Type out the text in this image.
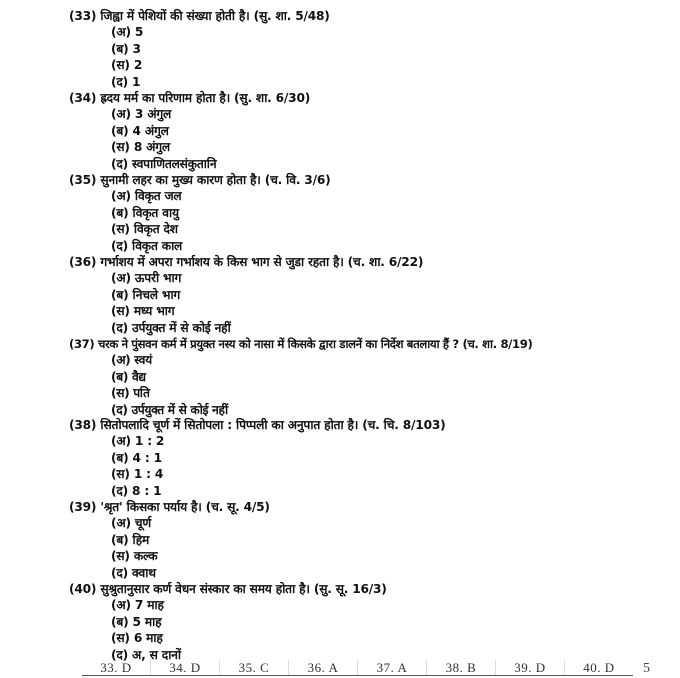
(33) जिह्वा में पेशियों की संख्या होती है। (सु. शा. 5/48)
(अ) 5
(ब) 3
(स) 2
(द) 1
(34) ह्रदय मर्म का परिणाम होता है। (सु. शा. 6/30)
(अ) 3 अंगुल
(ब) 4 अंगुल
(स) 8 अंगुल
(द) स्वपाणितलसंकुतानि
(35) सुनामी लहर का मुख्य कारण होता है। (च. वि. 3/6)
(अ) विकृत जल
(ब) विकृत वायु
(स) विकृत देश
(द) विकृत काल
(36) गर्भाशय में अपरा गर्भाशय के किस भाग से जुडा रहता है। (च. शा. 6/22)
(अ) ऊपरी भाग
(ब) निचले भाग
(स) मध्य भाग
(द) उर्पयुक्त में से कोई नहीं
(37) चरक ने पुंसवन कर्म में प्रयुक्त नस्य को नासा में किसके द्वारा डालनें का निर्देश बतलाया हैं ? (च. शा. 8/19)
(अ) स्वयं
(ब) वैद्य
(स) पति
(द) उर्पयुक्त में से कोई नहीं
(38) सितोपलादि चूर्ण में सितोपला : पिप्पली का अनुपात होता है। (च. चि. 8/103)
(अ) 1 : 2
(ब) 4 : 1
(स) 1 : 4
(द) 8 : 1
(39) 'श्रृत' किसका पर्याय है। (च. सू. 4/5)
(अ) चूर्ण
(ब) हिम
(स) कल्क
(द) क्वाथ
(40) सुश्रुतानुसार कर्ण वेधन संस्कार का समय होता है। (सु. सू. 16/3)
(अ) 7 माह
(ब) 5 माह
(स) 6 माह
(द) अ, स दानों
33. D	34. D	35. C	36. A	37. A	38. B	39. D	40. D	5
